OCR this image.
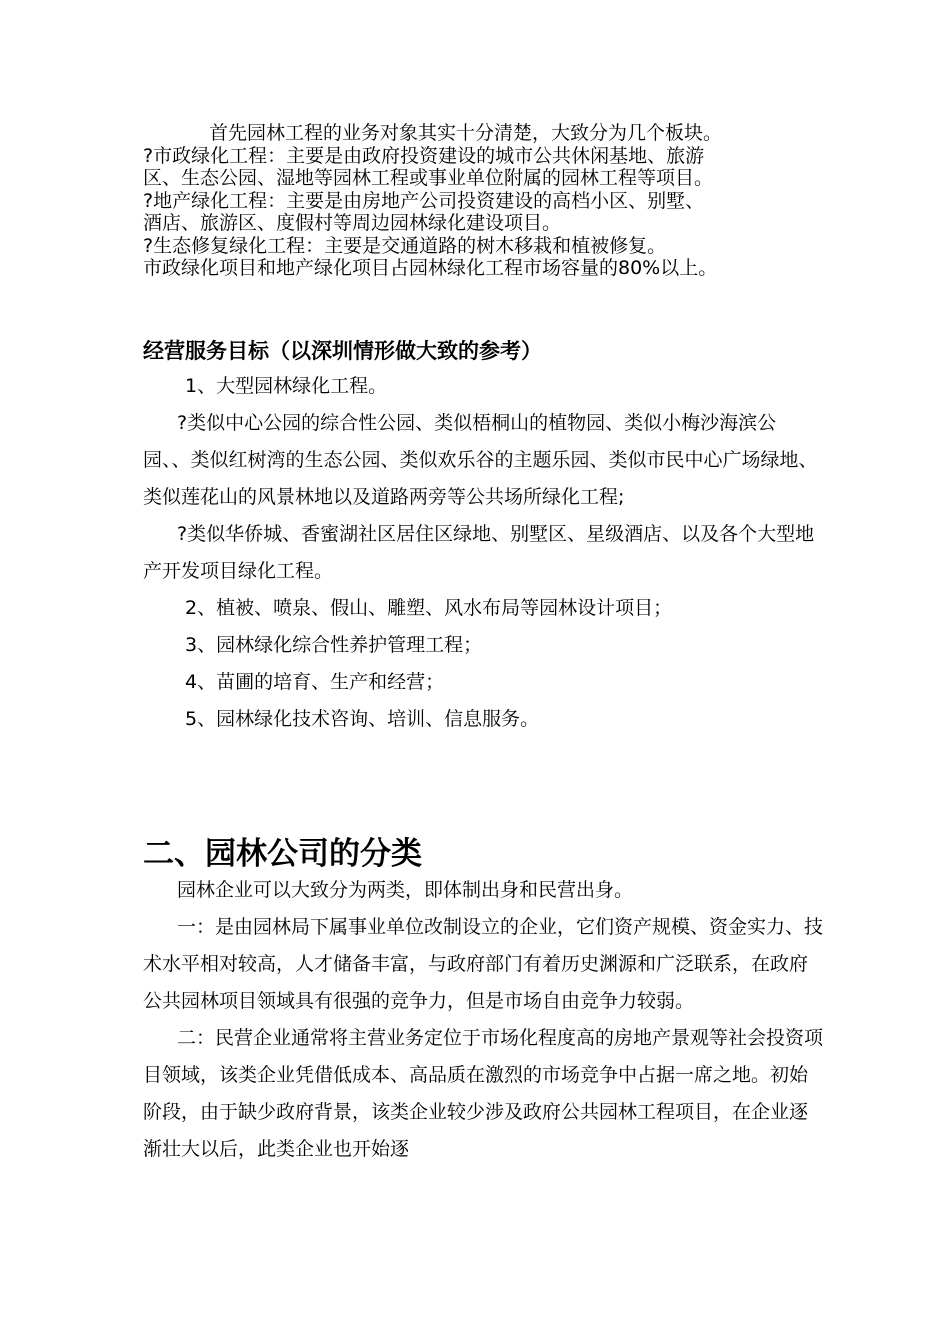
首先园林工程的业务对象其实十分清楚，大致分为几个板块。

?市政绿化工程：主要是由政府投资建设的城市公共休闲基地、旅游

区、生态公园、湿地等园林工程或事业单位附属的园林工程等项目。

?地产绿化工程：主要是由房地产公司投资建设的高档小区、别墅、

酒店、旅游区、度假村等周边园林绿化建设项目。

?生态修复绿化工程：主要是交通道路的树木移栽和植被修复。

市政绿化项目和地产绿化项目占园林绿化工程市场容量的80%以上。

经营服务目标（以深圳情形做大致的参考）

1、大型园林绿化工程。

?类似中心公园的综合性公园、类似梧桐山的植物园、类似小梅沙海滨公园、、类似红树湾的生态公园、类似欢乐谷的主题乐园、类似市民中心广场绿地、类似莲花山的风景林地以及道路两旁等公共场所绿化工程;

?类似华侨城、香蜜湖社区居住区绿地、别墅区、星级酒店、以及各个大型地产开发项目绿化工程。

2、植被、喷泉、假山、雕塑、风水布局等园林设计项目；

3、园林绿化综合性养护管理工程；

4、苗圃的培育、生产和经营；

5、园林绿化技术咨询、培训、信息服务。

二、园林公司的分类

园林企业可以大致分为两类，即体制出身和民营出身。

一：是由园林局下属事业单位改制设立的企业，它们资产规模、资金实力、技术水平相对较高，人才储备丰富，与政府部门有着历史渊源和广泛联系，在政府公共园林项目领域具有很强的竞争力，但是市场自由竞争力较弱。

二：民营企业通常将主营业务定位于市场化程度高的房地产景观等社会投资项目领域，该类企业凭借低成本、高品质在激烈的市场竞争中占据一席之地。初始阶段，由于缺少政府背景，该类企业较少涉及政府公共园林工程项目，在企业逐渐壮大以后，此类企业也开始逐
